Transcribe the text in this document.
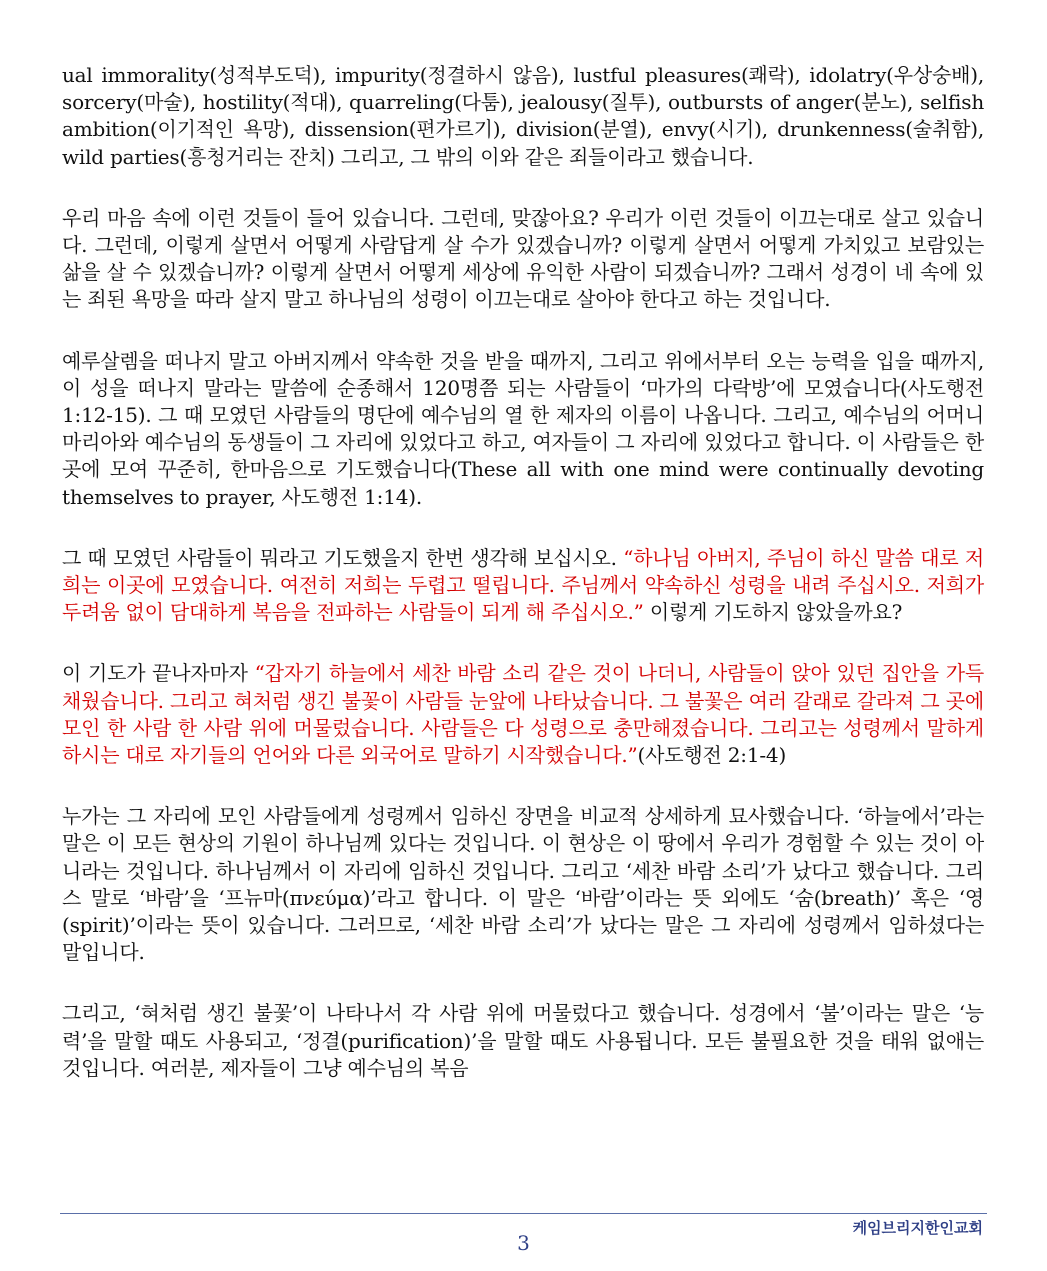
ual immorality(성적부도덕), impurity(정결하시 않음), lustful pleasures(쾌락), idolatry(우상숭배), sorcery(마술), hostility(적대), quarreling(다툼), jealousy(질투), outbursts of anger(분노), selfish ambition(이기적인 욕망), dissension(편가르기), division(분열), envy(시기), drunkenness(술취함), wild parties(흥청거리는 잔치) 그리고, 그 밖의 이와 같은 죄들이라고 했습니다.

우리 마음 속에 이런 것들이 들어 있습니다. 그런데, 맞잖아요? 우리가 이런 것들이 이끄는대로 살고 있습니다. 그런데, 이렇게 살면서 어떻게 사람답게 살 수가 있겠습니까? 이렇게 살면서 어떻게 가치있고 보람있는 삶을 살 수 있겠습니까? 이렇게 살면서 어떻게 세상에 유익한 사람이 되겠습니까? 그래서 성경이 네 속에 있는 죄된 욕망을 따라 살지 말고 하나님의 성령이 이끄는대로 살아야 한다고 하는 것입니다.

예루살렘을 떠나지 말고 아버지께서 약속한 것을 받을 때까지, 그리고 위에서부터 오는 능력을 입을 때까지, 이 성을 떠나지 말라는 말씀에 순종해서 120명쯤 되는 사람들이 ‘마가의 다락방’에 모였습니다(사도행전 1:12-15). 그 때 모였던 사람들의 명단에 예수님의 열 한 제자의 이름이 나옵니다. 그리고, 예수님의 어머니 마리아와 예수님의 동생들이 그 자리에 있었다고 하고, 여자들이 그 자리에 있었다고 합니다. 이 사람들은 한 곳에 모여 꾸준히, 한마음으로 기도했습니다(These all with one mind were continually devoting themselves to prayer, 사도행전 1:14).

그 때 모였던 사람들이 뭐라고 기도했을지 한번 생각해 보십시오. “하나님 아버지, 주님이 하신 말씀 대로 저희는 이곳에 모였습니다. 여전히 저희는 두렵고 떨립니다. 주님께서 약속하신 성령을 내려 주십시오. 저희가 두려움 없이 담대하게 복음을 전파하는 사람들이 되게 해 주십시오.” 이렇게 기도하지 않았을까요?

이 기도가 끝나자마자 “갑자기 하늘에서 세찬 바람 소리 같은 것이 나더니, 사람들이 앉아 있던 집안을 가득 채웠습니다. 그리고 혀처럼 생긴 불꽃이 사람들 눈앞에 나타났습니다. 그 불꽃은 여러 갈래로 갈라져 그 곳에 모인 한 사람 한 사람 위에 머물렀습니다. 사람들은 다 성령으로 충만해졌습니다. 그리고는 성령께서 말하게 하시는 대로 자기들의 언어와 다른 외국어로 말하기 시작했습니다.”(사도행전 2:1-4)

누가는 그 자리에 모인 사람들에게 성령께서 임하신 장면을 비교적 상세하게 묘사했습니다. ‘하늘에서’라는 말은 이 모든 현상의 기원이 하나님께 있다는 것입니다. 이 현상은 이 땅에서 우리가 경험할 수 있는 것이 아니라는 것입니다. 하나님께서 이 자리에 임하신 것입니다. 그리고 ‘세찬 바람 소리’가 났다고 했습니다. 그리스 말로 ‘바람’을 ‘프뉴마(πνεύμα)’라고 합니다. 이 말은 ‘바람’이라는 뜻 외에도 ‘숨(breath)’ 혹은 ‘영(spirit)’이라는 뜻이 있습니다. 그러므로, ‘세찬 바람 소리’가 났다는 말은 그 자리에 성령께서 임하셨다는 말입니다.

그리고, ‘혀처럼 생긴 불꽃’이 나타나서 각 사람 위에 머물렀다고 했습니다. 성경에서 ‘불’이라는 말은 ‘능력’을 말할 때도 사용되고, ‘정결(purification)’을 말할 때도 사용됩니다. 모든 불필요한 것을 태워 없애는 것입니다. 여러분, 제자들이 그냥 예수님의 복음

케임브리지한인교회
3
